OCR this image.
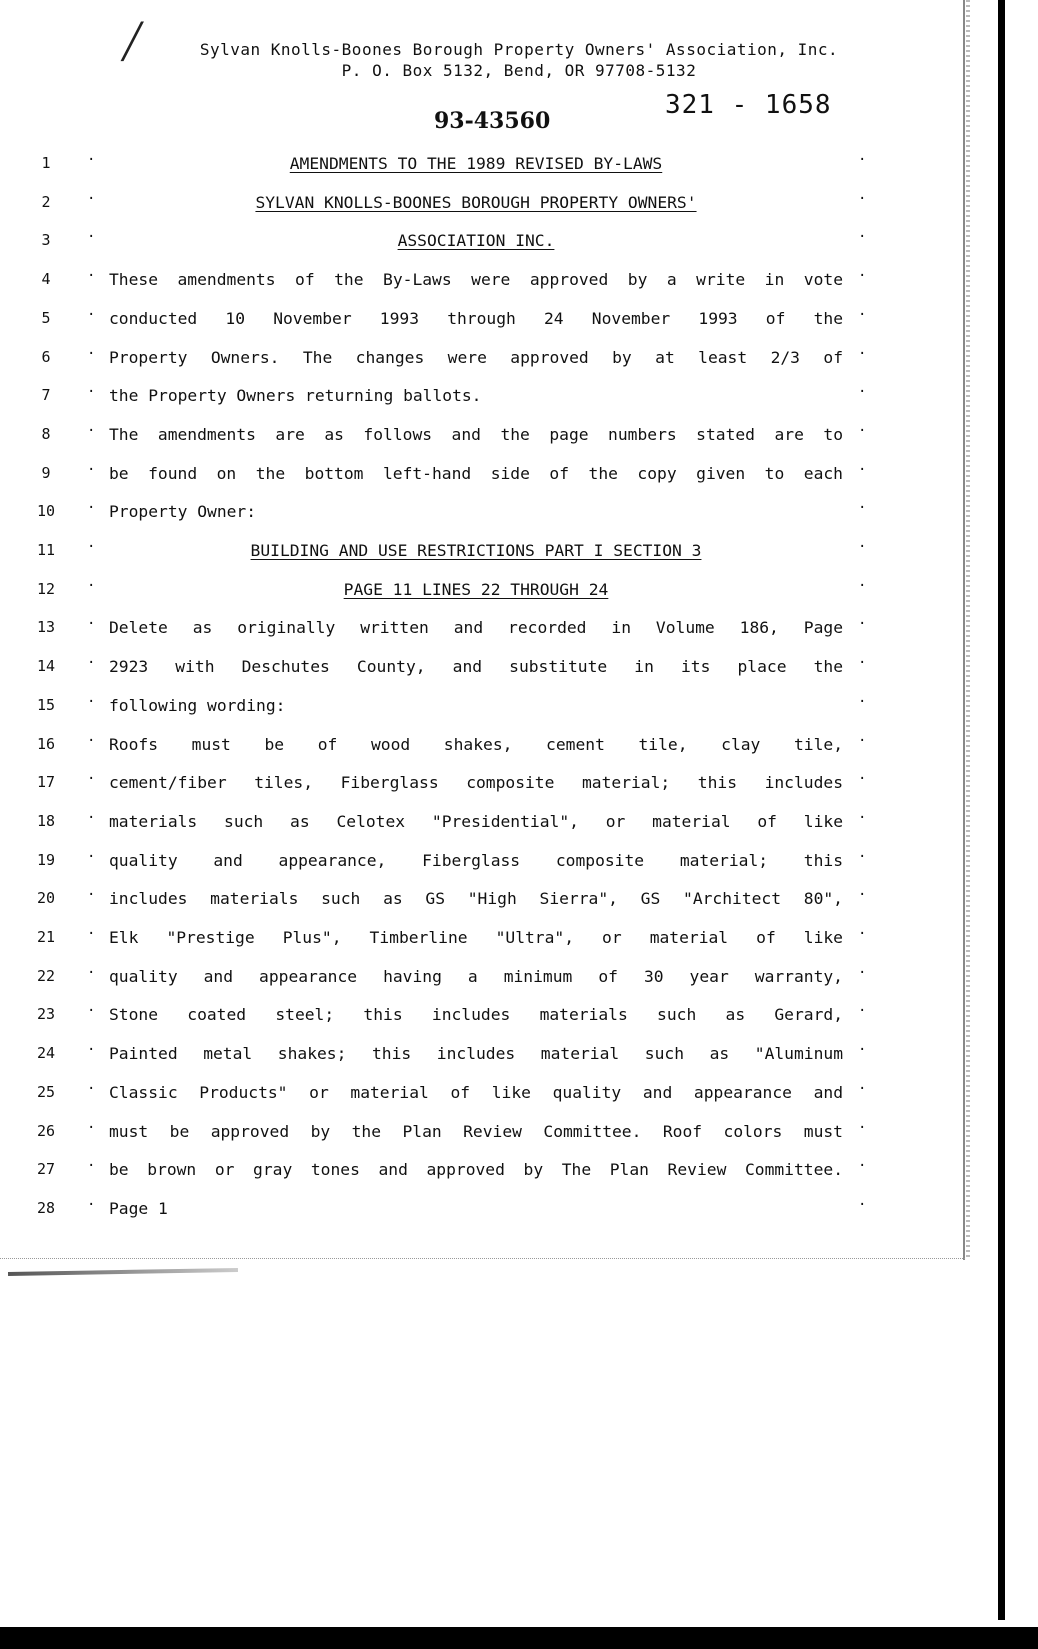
╱	Sylvan Knolls-Boones Borough Property Owners' Association, Inc.
P. O. Box 5132, Bend, OR 97708-5132
93-43560
321 - 1658
1	·	AMENDMENTS TO THE 1989 REVISED BY-LAWS	·
2	·	SYLVAN KNOLLS-BOONES BOROUGH PROPERTY OWNERS'	·
3	·	ASSOCIATION INC.	·
4	· These amendments of the By-Laws were approved by a write in vote ·
5	· conducted 10 November 1993 through 24 November 1993 of the ·
6	· Property Owners. The changes were approved by at least 2/3 of ·
7	· the Property Owners returning ballots.	·
8	· The amendments are as follows and the page numbers stated are to ·
9	· be found on the bottom left-hand side of the copy given to each ·
10	· Property Owner:	·
11	·	BUILDING AND USE RESTRICTIONS PART I SECTION 3	·
12	·	PAGE 11 LINES 22 THROUGH 24	·
13	· Delete as originally written and recorded in Volume 186, Page ·
14	· 2923 with Deschutes County, and substitute in its place the ·
15	· following wording:	·
16	· Roofs must be of wood shakes, cement tile, clay tile, ·
17	· cement/fiber tiles, Fiberglass composite material; this includes ·
18	· materials such as Celotex "Presidential", or material of like ·
19	· quality and appearance, Fiberglass composite material; this ·
20	· includes materials such as GS "High Sierra", GS "Architect 80", ·
21	· Elk "Prestige Plus", Timberline "Ultra", or material of like ·
22	· quality and appearance having a minimum of 30 year warranty, ·
23	· Stone coated steel; this includes materials such as Gerard, ·
24	· Painted metal shakes; this includes material such as "Aluminum ·
25	· Classic Products" or material of like quality and appearance and ·
26	· must be approved by the Plan Review Committee. Roof colors must ·
27	· be brown or gray tones and approved by The Plan Review Committee. ·
28	· Page 1	·
